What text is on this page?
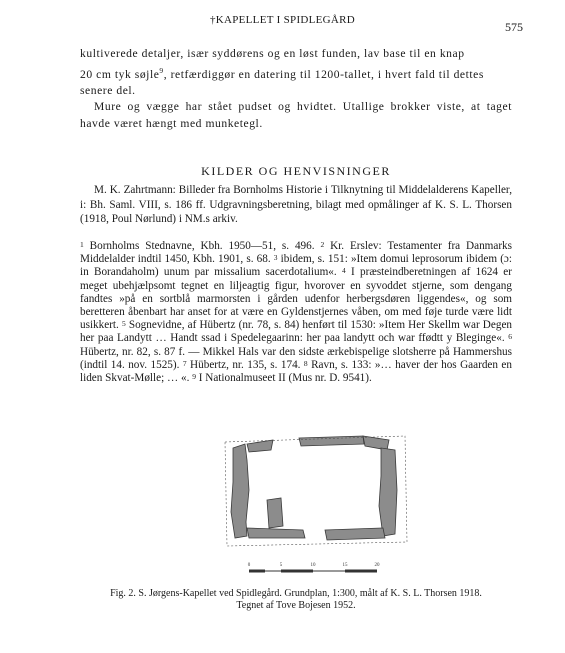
†KAPELLET I SPIDLEGÅRD	575

kultiverede detaljer, især syddørens og en løst funden, lav base til en knap

20 cm tyk søjle$^9$, retfærdiggør en datering til 1200-tallet, i hvert fald til dettes

senere del.

Mure og vægge har stået pudset og hvidtet. Utallige brokker viste, at taget havde været hængt med munketegl.

KILDER OG HENVISNINGER

M. K. Zahrtmann: Billeder fra Bornholms Historie i Tilknytning til Middelalderens Kapeller, i: Bh. Saml. VIII, s. 186 ff. Udgravningsberetning, bilagt med opmålinger af K. S. L. Thorsen (1918, Poul Nørlund) i NM.s arkiv.

$^1$ Bornholms Stednavne, Kbh. 1950—51, s. 496. $^2$ Kr. Erslev: Testamenter fra Danmarks Middelalder indtil 1450, Kbh. 1901, s. 68. $^3$ ibidem, s. 151: »Item domui leprosorum ibidem (ɔ: in Borandaholm) unum par missalium sacerdotalium«. $^4$ I præsteindberetningen af 1624 er meget ubehjælpsomt tegnet en liljeagtig figur, hvorover en syvoddet stjerne, som dengang fandtes »på en sortblå marmorsten i gården udenfor herbergsdøren liggendes«, og som beretteren åbenbart har anset for at være en Gyldenstjernes våben, om med føje turde være lidt usikkert. $^5$ Sognevidne, af Hübertz (nr. 78, s. 84) henført til 1530: »Item Her Skellm war Degen her paa Landytt … Handt ssad i Spedelegaarinn: her paa landytt och war ffødtt y Bleginge«. $^6$ Hübertz, nr. 82, s. 87 f. — Mikkel Hals var den sidste ærkebispelige slotsherre på Hammershus (indtil 14. nov. 1525). $^7$ Hübertz, nr. 135, s. 174. $^8$ Ravn, s. 133: »… haver der hos Gaarden en liden Skvat-Mølle; … «. $^9$ I Nationalmuseet II (Mus nr. D. 9541).

0	5	10	15	20

Fig. 2. S. Jørgens-Kapellet ved Spidlegård. Grundplan, 1:300, målt af K. S. L. Thorsen 1918.
Tegnet af Tove Bojesen 1952.
